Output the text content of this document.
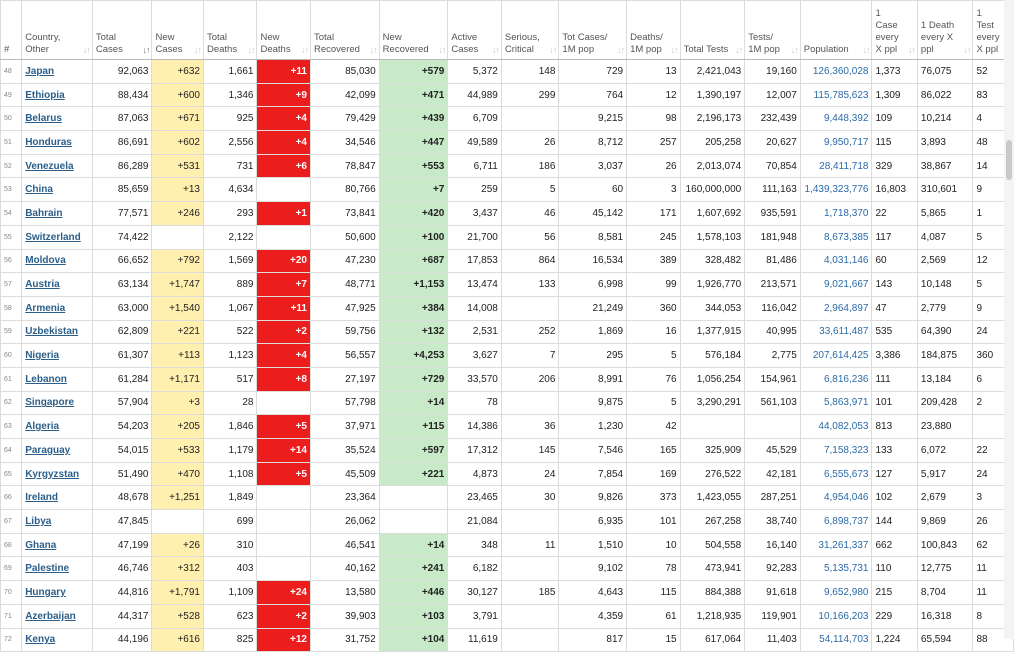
#	Country, Other ↓↑	Total Cases ↓↑	New Cases ↓↑	Total Deaths ↓↑	New Deaths ↓↑	Total Recovered ↓↑	New Recovered ↓↑	Active Cases ↓↑	Serious, Critical ↓↑	Tot Cases/ 1M pop ↓↑	Deaths/ 1M pop ↓↑	Total Tests ↓↑	Tests/ 1M pop ↓↑	Population ↓↑	1 Case every X ppl ↓↑	1 Death every X ppl ↓↑	1 Test every X ppl

48	Japan	92,063	+632	1,661	+11	85,030	+579	5,372	148	729	13	2,421,043	19,160	126,360,028	1,373	76,075	52
49	Ethiopia	88,434	+600	1,346	+9	42,099	+471	44,989	299	764	12	1,390,197	12,007	115,785,623	1,309	86,022	83
50	Belarus	87,063	+671	925	+4	79,429	+439	6,709		9,215	98	2,196,173	232,439	9,448,392	109	10,214	4
51	Honduras	86,691	+602	2,556	+4	34,546	+447	49,589	26	8,712	257	205,258	20,627	9,950,717	115	3,893	48
52	Venezuela	86,289	+531	731	+6	78,847	+553	6,711	186	3,037	26	2,013,074	70,854	28,411,718	329	38,867	14
53	China	85,659	+13	4,634		80,766	+7	259	5	60	3	160,000,000	111,163	1,439,323,776	16,803	310,601	9
54	Bahrain	77,571	+246	293	+1	73,841	+420	3,437	46	45,142	171	1,607,692	935,591	1,718,370	22	5,865	1
55	Switzerland	74,422		2,122		50,600	+100	21,700	56	8,581	245	1,578,103	181,948	8,673,385	117	4,087	5
56	Moldova	66,652	+792	1,569	+20	47,230	+687	17,853	864	16,534	389	328,482	81,486	4,031,146	60	2,569	12
57	Austria	63,134	+1,747	889	+7	48,771	+1,153	13,474	133	6,998	99	1,926,770	213,571	9,021,667	143	10,148	5
58	Armenia	63,000	+1,540	1,067	+11	47,925	+384	14,008		21,249	360	344,053	116,042	2,964,897	47	2,779	9
59	Uzbekistan	62,809	+221	522	+2	59,756	+132	2,531	252	1,869	16	1,377,915	40,995	33,611,487	535	64,390	24
60	Nigeria	61,307	+113	1,123	+4	56,557	+4,253	3,627	7	295	5	576,184	2,775	207,614,425	3,386	184,875	360
61	Lebanon	61,284	+1,171	517	+8	27,197	+729	33,570	206	8,991	76	1,056,254	154,961	6,816,236	111	13,184	6
62	Singapore	57,904	+3	28		57,798	+14	78		9,875	5	3,290,291	561,103	5,863,971	101	209,428	2
63	Algeria	54,203	+205	1,846	+5	37,971	+115	14,386	36	1,230	42			44,082,053	813	23,880	
64	Paraguay	54,015	+533	1,179	+14	35,524	+597	17,312	145	7,546	165	325,909	45,529	7,158,323	133	6,072	22
65	Kyrgyzstan	51,490	+470	1,108	+5	45,509	+221	4,873	24	7,854	169	276,522	42,181	6,555,673	127	5,917	24
66	Ireland	48,678	+1,251	1,849		23,364		23,465	30	9,826	373	1,423,055	287,251	4,954,046	102	2,679	3
67	Libya	47,845		699		26,062		21,084		6,935	101	267,258	38,740	6,898,737	144	9,869	26
68	Ghana	47,199	+26	310		46,541	+14	348	11	1,510	10	504,558	16,140	31,261,337	662	100,843	62
69	Palestine	46,746	+312	403		40,162	+241	6,182		9,102	78	473,941	92,283	5,135,731	110	12,775	11
70	Hungary	44,816	+1,791	1,109	+24	13,580	+446	30,127	185	4,643	115	884,388	91,618	9,652,980	215	8,704	11
71	Azerbaijan	44,317	+528	623	+2	39,903	+103	3,791		4,359	61	1,218,935	119,901	10,166,203	229	16,318	8
72	Kenya	44,196	+616	825	+12	31,752	+104	11,619		817	15	617,064	11,403	54,114,703	1,224	65,594	88
